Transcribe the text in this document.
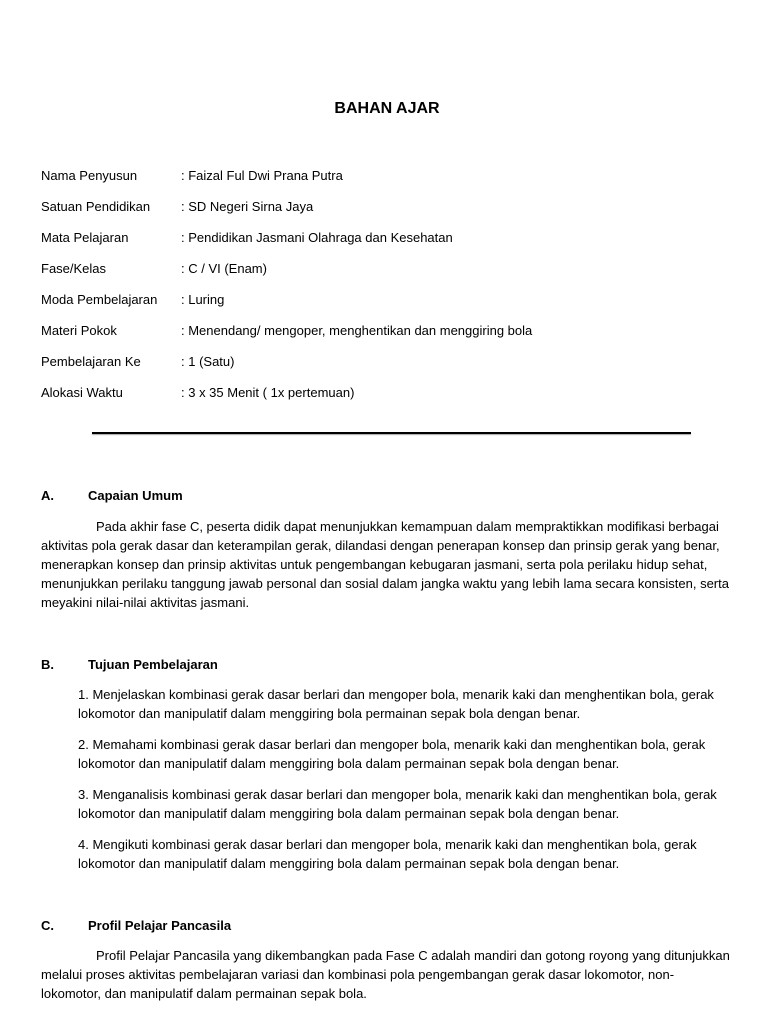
BAHAN AJAR
Nama Penyusun	: Faizal Ful Dwi Prana Putra
Satuan Pendidikan	: SD Negeri Sirna Jaya
Mata Pelajaran	: Pendidikan Jasmani Olahraga dan Kesehatan
Fase/Kelas	: C / VI (Enam)
Moda Pembelajaran	: Luring
Materi Pokok	: Menendang/ mengoper, menghentikan dan menggiring bola
Pembelajaran Ke	: 1 (Satu)
Alokasi Waktu	: 3 x 35 Menit ( 1x pertemuan)
A.	Capaian Umum
Pada akhir fase C, peserta didik dapat menunjukkan kemampuan dalam mempraktikkan modifikasi berbagai aktivitas pola gerak dasar dan keterampilan gerak, dilandasi dengan penerapan konsep dan prinsip gerak yang benar, menerapkan konsep dan prinsip aktivitas untuk pengembangan kebugaran jasmani, serta pola perilaku hidup sehat, menunjukkan perilaku tanggung jawab personal dan sosial dalam jangka waktu yang lebih lama secara konsisten, serta meyakini nilai-nilai aktivitas jasmani.
B.	Tujuan Pembelajaran
1. Menjelaskan kombinasi gerak dasar berlari dan mengoper bola, menarik kaki dan menghentikan bola, gerak lokomotor dan manipulatif dalam menggiring bola permainan sepak bola dengan benar.
2. Memahami kombinasi gerak dasar berlari dan mengoper bola, menarik kaki dan menghentikan bola, gerak lokomotor dan manipulatif dalam menggiring bola dalam permainan sepak bola dengan benar.
3. Menganalisis kombinasi gerak dasar berlari dan mengoper bola, menarik kaki dan menghentikan bola, gerak lokomotor dan manipulatif dalam menggiring bola dalam permainan sepak bola dengan benar.
4. Mengikuti kombinasi gerak dasar berlari dan mengoper bola, menarik kaki dan menghentikan bola, gerak lokomotor dan manipulatif dalam menggiring bola dalam permainan sepak bola dengan benar.
C.	Profil Pelajar Pancasila
Profil Pelajar Pancasila yang dikembangkan pada Fase C adalah mandiri dan gotong royong yang ditunjukkan melalui proses aktivitas pembelajaran variasi dan kombinasi pola pengembangan gerak dasar lokomotor, non-lokomotor, dan manipulatif dalam permainan sepak bola.
